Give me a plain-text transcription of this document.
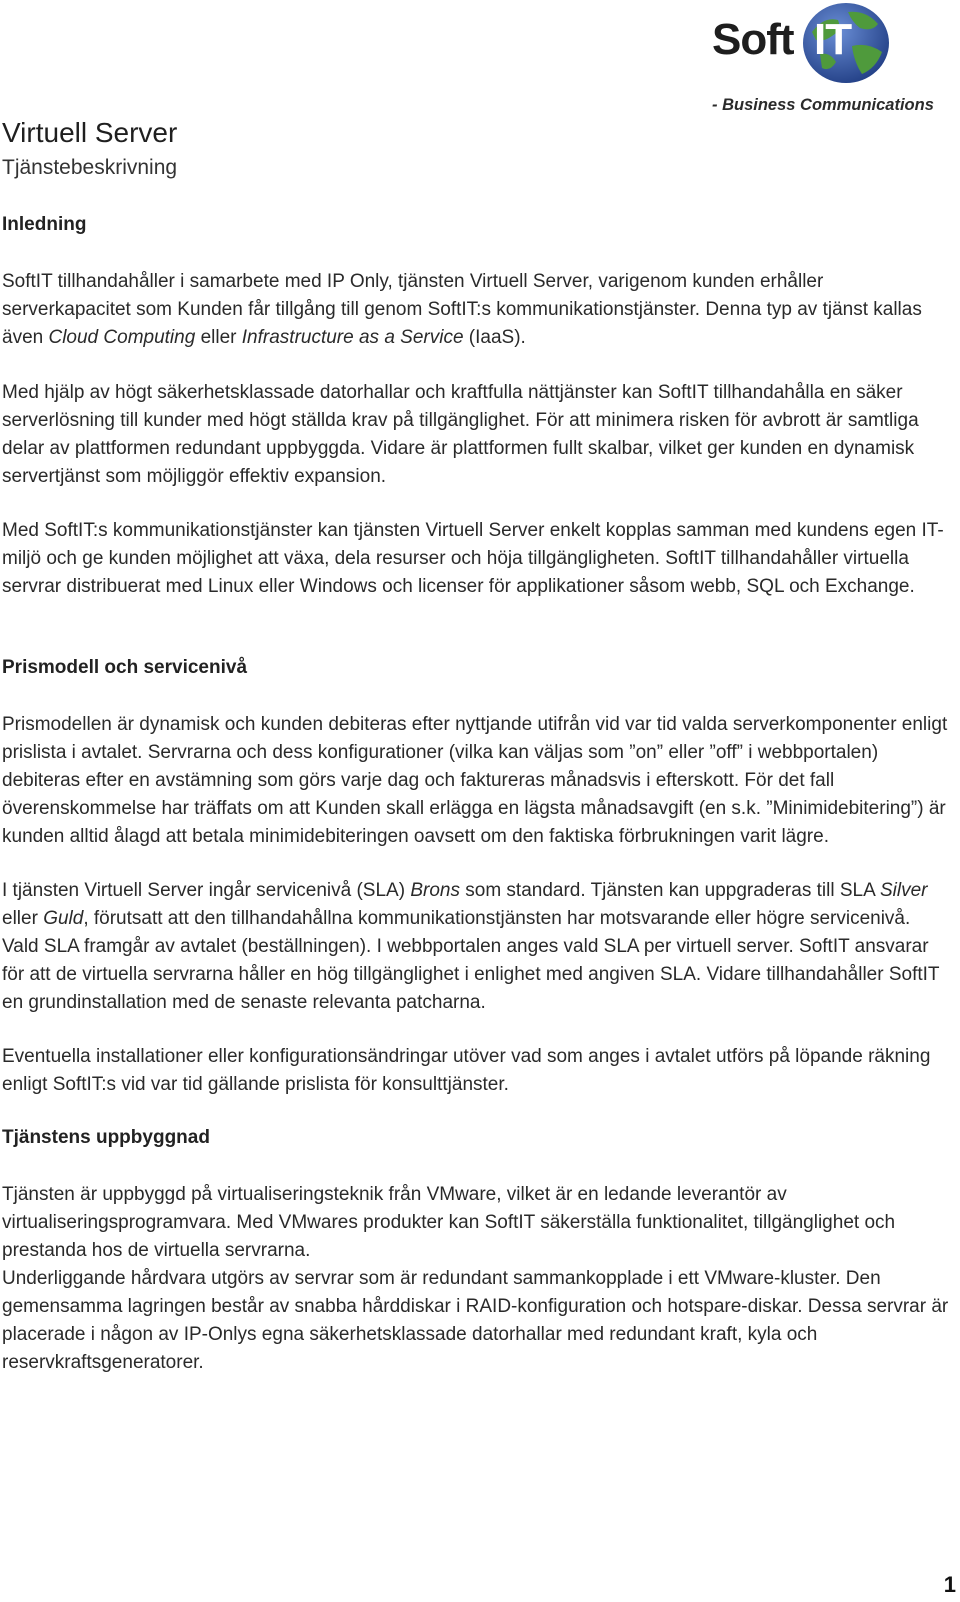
Soft IT
- Business Communications
Virtuell Server
Tjänstebeskrivning
Inledning

SoftIT tillhandahåller i samarbete med IP Only, tjänsten Virtuell Server, varigenom kunden erhåller serverkapacitet som Kunden får tillgång till genom SoftIT:s kommunikationstjänster. Denna typ av tjänst kallas även Cloud Computing eller Infrastructure as a Service (IaaS).

Med hjälp av högt säkerhetsklassade datorhallar och kraftfulla nättjänster kan SoftIT tillhandahålla en säker serverlösning till kunder med högt ställda krav på tillgänglighet. För att minimera risken för avbrott är samtliga delar av plattformen redundant uppbyggda. Vidare är plattformen fullt skalbar, vilket ger kunden en dynamisk servertjänst som möjliggör effektiv expansion.

Med SoftIT:s kommunikationstjänster kan tjänsten Virtuell Server enkelt kopplas samman med kundens egen IT-miljö och ge kunden möjlighet att växa, dela resurser och höja tillgängligheten. SoftIT tillhandahåller virtuella servrar distribuerat med Linux eller Windows och licenser för applikationer såsom webb, SQL och Exchange.

Prismodell och servicenivå

Prismodellen är dynamisk och kunden debiteras efter nyttjande utifrån vid var tid valda serverkomponenter enligt prislista i avtalet. Servrarna och dess konfigurationer (vilka kan väljas som ”on” eller ”off” i webbportalen) debiteras efter en avstämning som görs varje dag och faktureras månadsvis i efterskott. För det fall överenskommelse har träffats om att Kunden skall erlägga en lägsta månadsavgift (en s.k. ”Minimidebitering”) är kunden alltid ålagd att betala minimidebiteringen oavsett om den faktiska förbrukningen varit lägre.

I tjänsten Virtuell Server ingår servicenivå (SLA) Brons som standard. Tjänsten kan uppgraderas till SLA Silver eller Guld, förutsatt att den tillhandahållna kommunikationstjänsten har motsvarande eller högre servicenivå. Vald SLA framgår av avtalet (beställningen). I webbportalen anges vald SLA per virtuell server. SoftIT ansvarar för att de virtuella servrarna håller en hög tillgänglighet i enlighet med angiven SLA. Vidare tillhandahåller SoftIT en grundinstallation med de senaste relevanta patcharna.

Eventuella installationer eller konfigurationsändringar utöver vad som anges i avtalet utförs på löpande räkning enligt SoftIT:s vid var tid gällande prislista för konsulttjänster.

Tjänstens uppbyggnad

Tjänsten är uppbyggd på virtualiseringsteknik från VMware, vilket är en ledande leverantör av virtualiseringsprogramvara. Med VMwares produkter kan SoftIT säkerställa funktionalitet, tillgänglighet och prestanda hos de virtuella servrarna.

Underliggande hårdvara utgörs av servrar som är redundant sammankopplade i ett VMware-kluster. Den gemensamma lagringen består av snabba hårddiskar i RAID-konfiguration och hotspare-diskar. Dessa servrar är placerade i någon av IP-Onlys egna säkerhetsklassade datorhallar med redundant kraft, kyla och reservkraftsgeneratorer.

1
